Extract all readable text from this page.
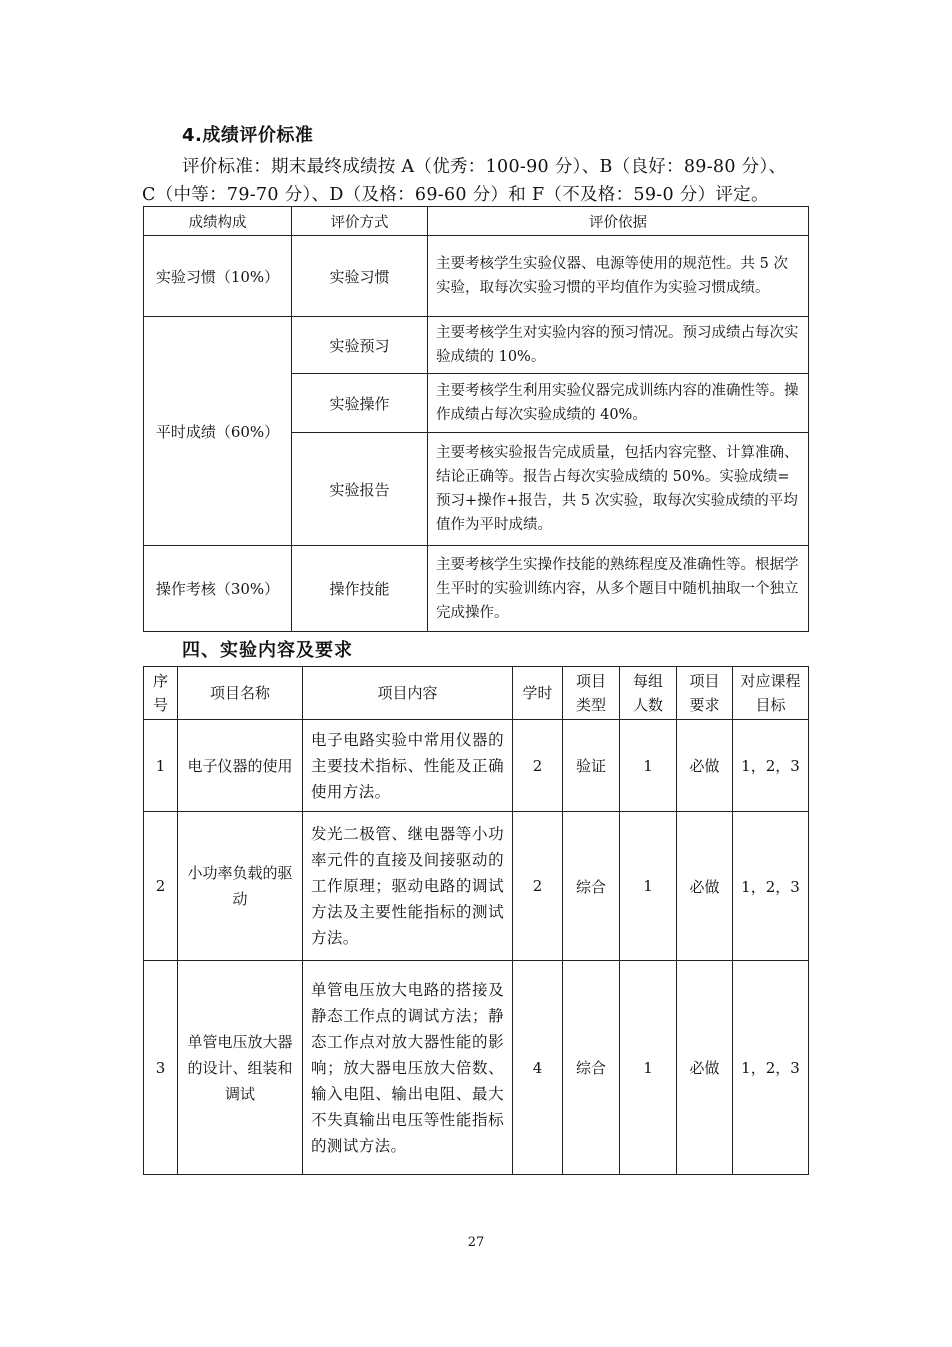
4.成绩评价标准
评价标准：期末最终成绩按 A（优秀：100-90 分）、B（良好：89-80 分）、
C（中等：79-70 分）、D（及格：69-60 分）和 F（不及格：59-0 分）评定。
成绩构成	评价方式	评价依据
实验习惯（10%）	实验习惯	主要考核学生实验仪器、电源等使用的规范性。共 5 次实验，取每次实验习惯的平均值作为实验习惯成绩。
平时成绩（60%）	实验预习	主要考核学生对实验内容的预习情况。预习成绩占每次实验成绩的 10%。
	实验操作	主要考核学生利用实验仪器完成训练内容的准确性等。操作成绩占每次实验成绩的 40%。
	实验报告	主要考核实验报告完成质量，包括内容完整、计算准确、结论正确等。报告占每次实验成绩的 50%。实验成绩=预习+操作+报告，共 5 次实验，取每次实验成绩的平均值作为平时成绩。
操作考核（30%）	操作技能	主要考核学生实操作技能的熟练程度及准确性等。根据学生平时的实验训练内容，从多个题目中随机抽取一个独立完成操作。
四、实验内容及要求
序号	项目名称	项目内容	学时	项目类型	每组人数	项目要求	对应课程目标
1	电子仪器的使用	电子电路实验中常用仪器的主要技术指标、性能及正确使用方法。	2	验证	1	必做	1，2，3
2	小功率负载的驱动	发光二极管、继电器等小功率元件的直接及间接驱动的工作原理；驱动电路的调试方法及主要性能指标的测试方法。	2	综合	1	必做	1，2，3
3	单管电压放大器的设计、组装和调试	单管电压放大电路的搭接及静态工作点的调试方法；静态工作点对放大器性能的影响；放大器电压放大倍数、输入电阻、输出电阻、最大不失真输出电压等性能指标的测试方法。	4	综合	1	必做	1，2，3
27
